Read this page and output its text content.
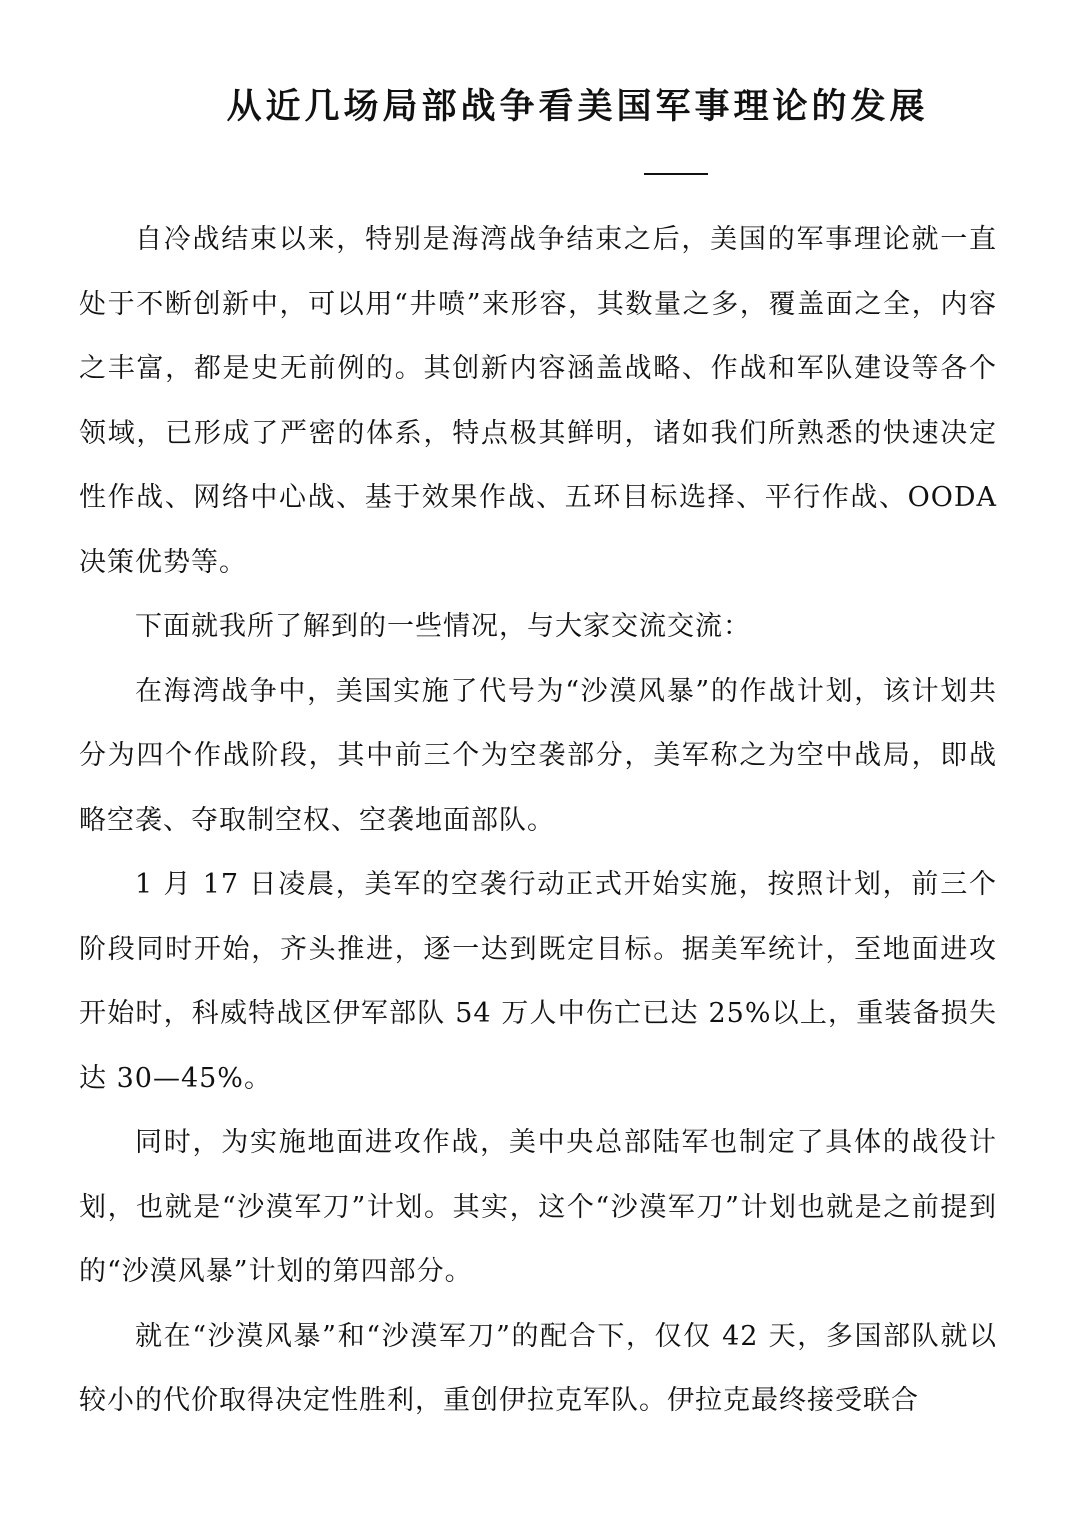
从近几场局部战争看美国军事理论的发展

自冷战结束以来，特别是海湾战争结束之后，美国的军事理论就一直处于不断创新中，可以用“井喷”来形容，其数量之多，覆盖面之全，内容之丰富，都是史无前例的。其创新内容涵盖战略、作战和军队建设等各个领域，已形成了严密的体系，特点极其鲜明，诸如我们所熟悉的快速决定性作战、网络中心战、基于效果作战、五环目标选择、平行作战、OODA决策优势等。

下面就我所了解到的一些情况，与大家交流交流：

在海湾战争中，美国实施了代号为“沙漠风暴”的作战计划，该计划共分为四个作战阶段，其中前三个为空袭部分，美军称之为空中战局，即战略空袭、夺取制空权、空袭地面部队。

1 月 17 日凌晨，美军的空袭行动正式开始实施，按照计划，前三个阶段同时开始，齐头推进，逐一达到既定目标。据美军统计，至地面进攻开始时，科威特战区伊军部队 54 万人中伤亡已达 25%以上，重装备损失达 30—45%。

同时，为实施地面进攻作战，美中央总部陆军也制定了具体的战役计划，也就是“沙漠军刀”计划。其实，这个“沙漠军刀”计划也就是之前提到的“沙漠风暴”计划的第四部分。

就在“沙漠风暴”和“沙漠军刀”的配合下，仅仅 42 天，多国部队就以较小的代价取得决定性胜利，重创伊拉克军队。伊拉克最终接受联合
